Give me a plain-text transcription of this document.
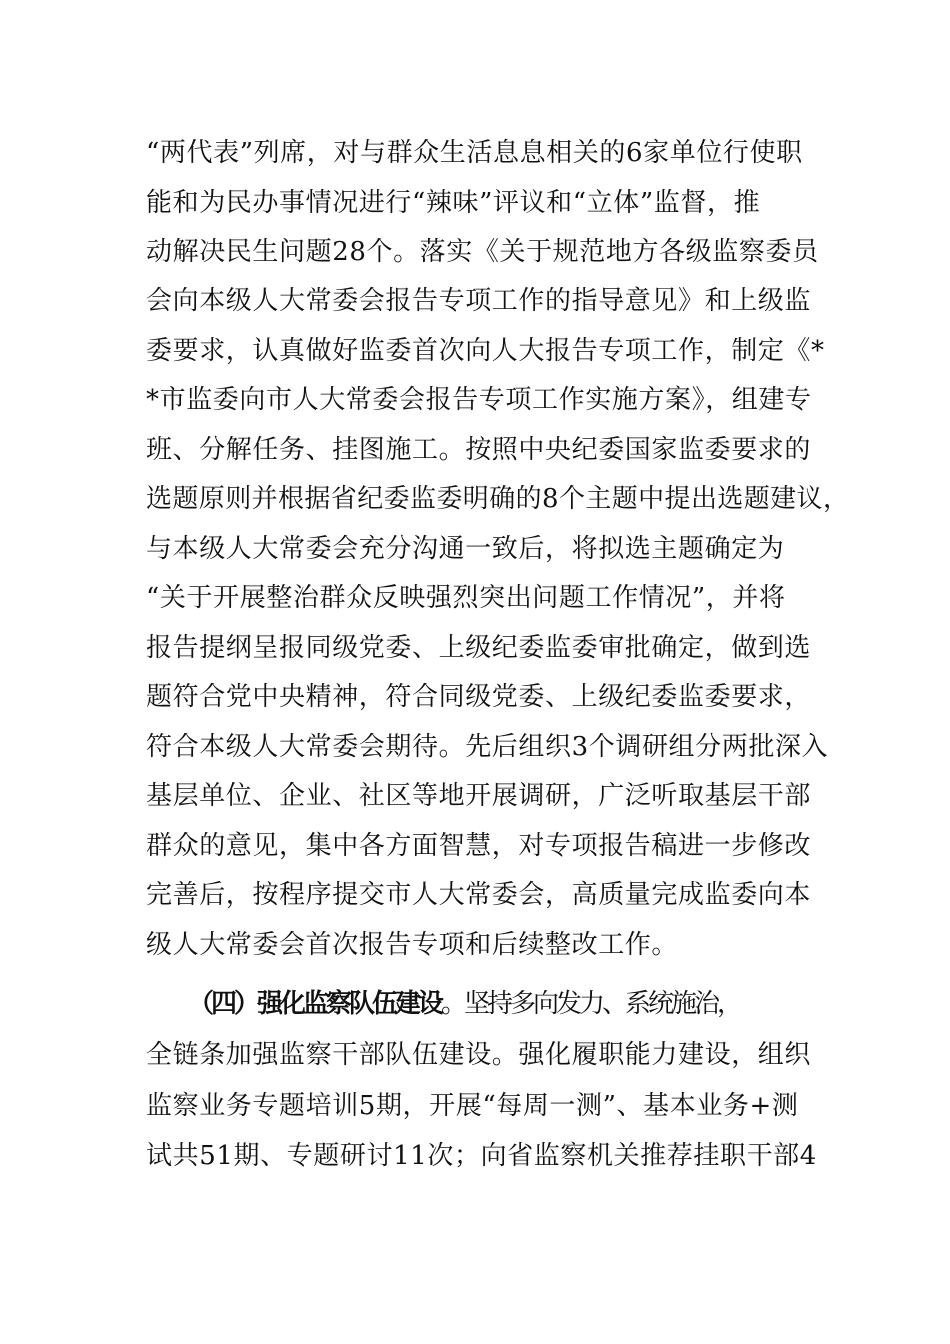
“两代表”列席，对与群众生活息息相关的6家单位行使职
能和为民办事情况进行“辣味”评议和“立体”监督，推
动解决民生问题28个。落实《关于规范地方各级监察委员
会向本级人大常委会报告专项工作的指导意见》和上级监
委要求，认真做好监委首次向人大报告专项工作，制定《*
*市监委向市人大常委会报告专项工作实施方案》，组建专
班、分解任务、挂图施工。按照中央纪委国家监委要求的
选题原则并根据省纪委监委明确的8个主题中提出选题建议，
与本级人大常委会充分沟通一致后，将拟选主题确定为
“关于开展整治群众反映强烈突出问题工作情况”，并将
报告提纲呈报同级党委、上级纪委监委审批确定，做到选
题符合党中央精神，符合同级党委、上级纪委监委要求，
符合本级人大常委会期待。先后组织3个调研组分两批深入
基层单位、企业、社区等地开展调研，广泛听取基层干部
群众的意见，集中各方面智慧，对专项报告稿进一步修改
完善后，按程序提交市人大常委会，高质量完成监委向本
级人大常委会首次报告专项和后续整改工作。
（四）强化监察队伍建设。坚持多向发力、系统施治，
全链条加强监察干部队伍建设。强化履职能力建设，组织
监察业务专题培训5期，开展“每周一测”、基本业务+测
试共51期、专题研讨11次；向省监察机关推荐挂职干部4
